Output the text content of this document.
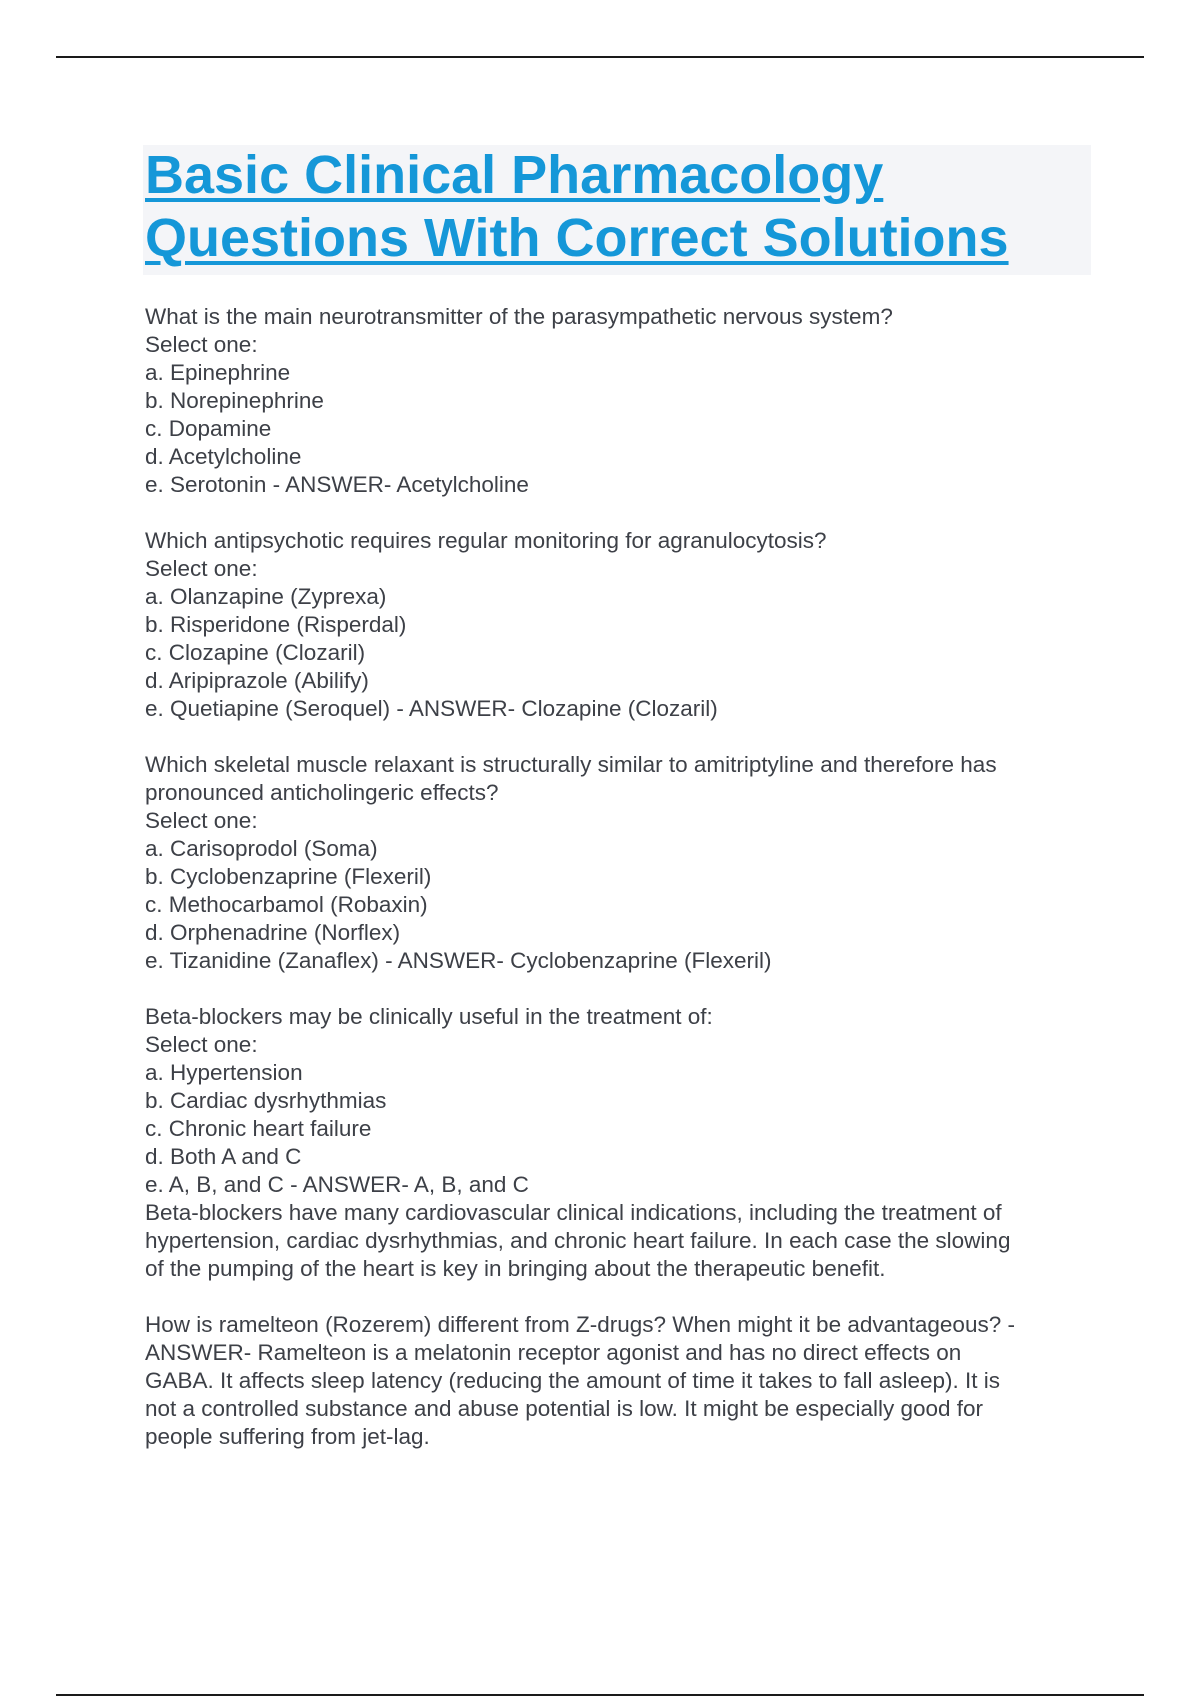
Basic Clinical Pharmacology
Questions With Correct Solutions
What is the main neurotransmitter of the parasympathetic nervous system?
Select one:
a. Epinephrine
b. Norepinephrine
c. Dopamine
d. Acetylcholine
e. Serotonin - ANSWER- Acetylcholine
Which antipsychotic requires regular monitoring for agranulocytosis?
Select one:
a. Olanzapine (Zyprexa)
b. Risperidone (Risperdal)
c. Clozapine (Clozaril)
d. Aripiprazole (Abilify)
e. Quetiapine (Seroquel) - ANSWER- Clozapine (Clozaril)
Which skeletal muscle relaxant is structurally similar to amitriptyline and therefore has
pronounced anticholingeric effects?
Select one:
a. Carisoprodol (Soma)
b. Cyclobenzaprine (Flexeril)
c. Methocarbamol (Robaxin)
d. Orphenadrine (Norflex)
e. Tizanidine (Zanaflex) - ANSWER- Cyclobenzaprine (Flexeril)
Beta-blockers may be clinically useful in the treatment of:
Select one:
a. Hypertension
b. Cardiac dysrhythmias
c. Chronic heart failure
d. Both A and C
e. A, B, and C - ANSWER- A, B, and C
Beta-blockers have many cardiovascular clinical indications, including the treatment of
hypertension, cardiac dysrhythmias, and chronic heart failure. In each case the slowing
of the pumping of the heart is key in bringing about the therapeutic benefit.
How is ramelteon (Rozerem) different from Z-drugs? When might it be advantageous? -
ANSWER- Ramelteon is a melatonin receptor agonist and has no direct effects on
GABA. It affects sleep latency (reducing the amount of time it takes to fall asleep). It is
not a controlled substance and abuse potential is low. It might be especially good for
people suffering from jet-lag.
